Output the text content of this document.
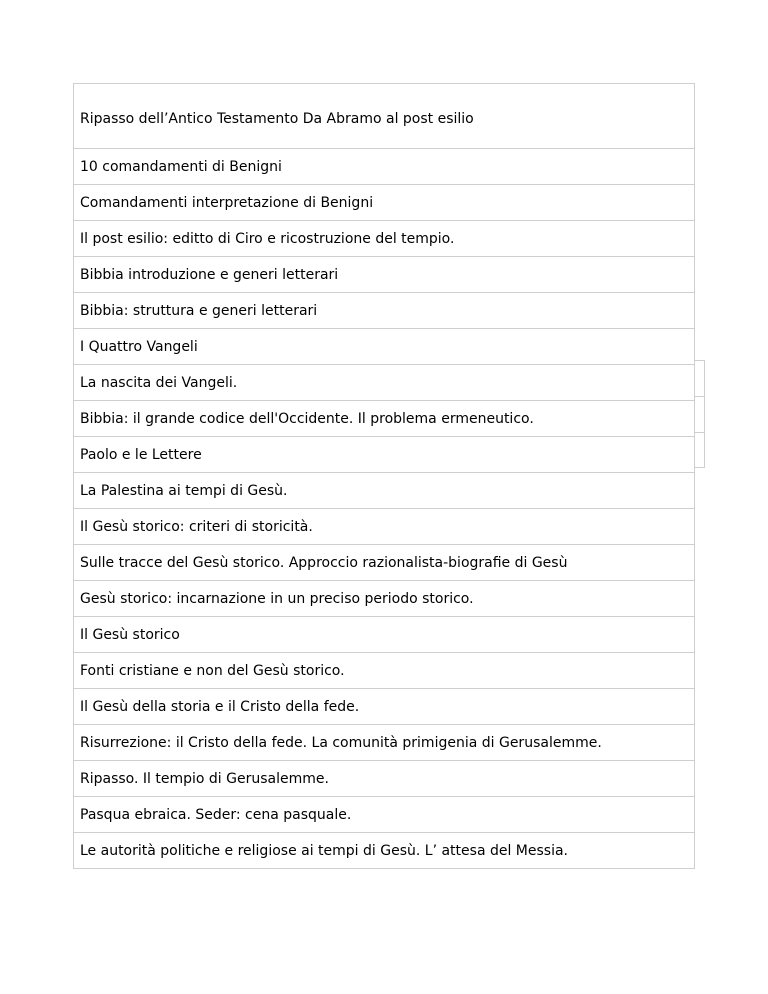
Ripasso dell’Antico Testamento Da Abramo al post esilio
10 comandamenti di Benigni
Comandamenti interpretazione di Benigni
Il post esilio: editto di Ciro e ricostruzione del tempio.
Bibbia introduzione e generi letterari
Bibbia: struttura e generi letterari
I Quattro Vangeli
La nascita dei Vangeli.
Bibbia: il grande codice dell'Occidente. Il problema ermeneutico.
Paolo e le Lettere
La Palestina ai tempi di Gesù.
Il Gesù storico: criteri di storicità.
Sulle tracce del Gesù storico. Approccio razionalista-biografie di Gesù
Gesù storico: incarnazione in un preciso periodo storico.
Il Gesù storico
Fonti cristiane e non del Gesù storico.
Il Gesù della storia e il Cristo della fede.
Risurrezione: il Cristo della fede. La comunità primigenia di Gerusalemme.
Ripasso. Il tempio di Gerusalemme.
Pasqua ebraica. Seder: cena pasquale.
Le autorità politiche e religiose ai tempi di Gesù. L’ attesa del Messia.
